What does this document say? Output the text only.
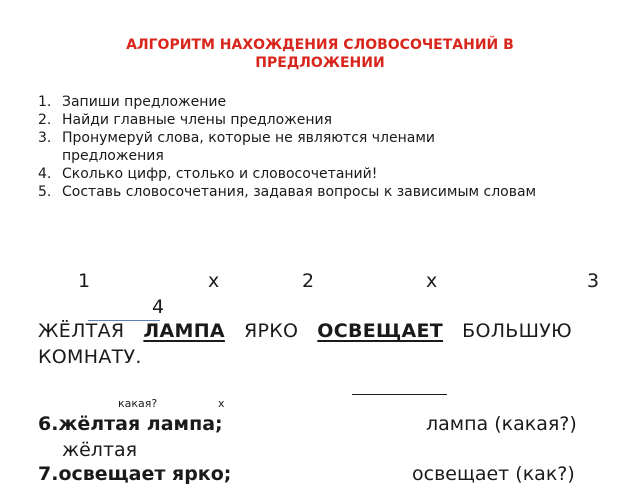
АЛГОРИТМ НАХОЖДЕНИЯ СЛОВОСОЧЕТАНИЙ В ПРЕДЛОЖЕНИИ
1. Запиши предложение
2. Найди главные члены предложения
3. Пронумеруй слова, которые не являются членами предложения
4. Сколько цифр, столько и словосочетаний!
5. Составь словосочетания, задавая вопросы к зависимым словам
1	x	2	x	3
4
ЖЁЛТАЯ ЛАМПА ЯРКО ОСВЕЩАЕТ БОЛЬШУЮ
КОМНАТУ.
какая?	x
6.жёлтая лампа;	лампа (какая?)
жёлтая
7.освещает ярко;	освещает (как?)
